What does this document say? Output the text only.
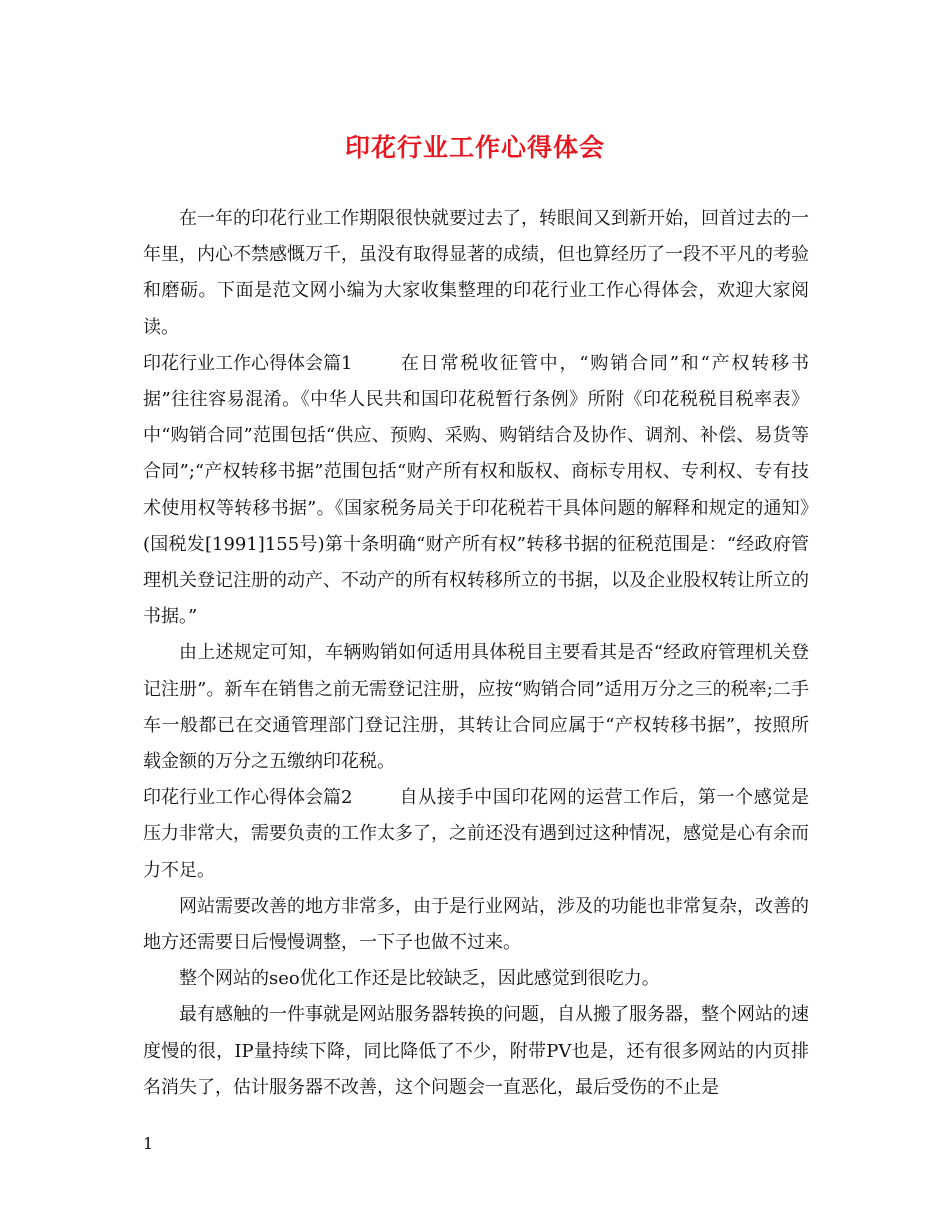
印花行业工作心得体会

在一年的印花行业工作期限很快就要过去了，转眼间又到新开始，回首过去的一年里，内心不禁感慨万千，虽没有取得显著的成绩，但也算经历了一段不平凡的考验和磨砺。下面是范文网小编为大家收集整理的印花行业工作心得体会，欢迎大家阅读。

印花行业工作心得体会篇1	在日常税收征管中，“购销合同”和“产权转移书据”往往容易混淆。《中华人民共和国印花税暂行条例》所附《印花税税目税率表》中“购销合同”范围包括“供应、预购、采购、购销结合及协作、调剂、补偿、易货等合同”;“产权转移书据”范围包括“财产所有权和版权、商标专用权、专利权、专有技术使用权等转移书据”。《国家税务局关于印花税若干具体问题的解释和规定的通知》(国税发[1991]155号)第十条明确“财产所有权”转移书据的征税范围是：“经政府管理机关登记注册的动产、不动产的所有权转移所立的书据，以及企业股权转让所立的书据。”

由上述规定可知，车辆购销如何适用具体税目主要看其是否“经政府管理机关登记注册”。新车在销售之前无需登记注册，应按“购销合同”适用万分之三的税率;二手车一般都已在交通管理部门登记注册，其转让合同应属于“产权转移书据”，按照所载金额的万分之五缴纳印花税。

印花行业工作心得体会篇2	自从接手中国印花网的运营工作后，第一个感觉是压力非常大，需要负责的工作太多了，之前还没有遇到过这种情况，感觉是心有余而力不足。

网站需要改善的地方非常多，由于是行业网站，涉及的功能也非常复杂，改善的地方还需要日后慢慢调整，一下子也做不过来。

整个网站的seo优化工作还是比较缺乏，因此感觉到很吃力。

最有感触的一件事就是网站服务器转换的问题，自从搬了服务器，整个网站的速度慢的很，IP量持续下降，同比降低了不少，附带PV也是，还有很多网站的内页排名消失了，估计服务器不改善，这个问题会一直恶化，最后受伤的不止是

1
